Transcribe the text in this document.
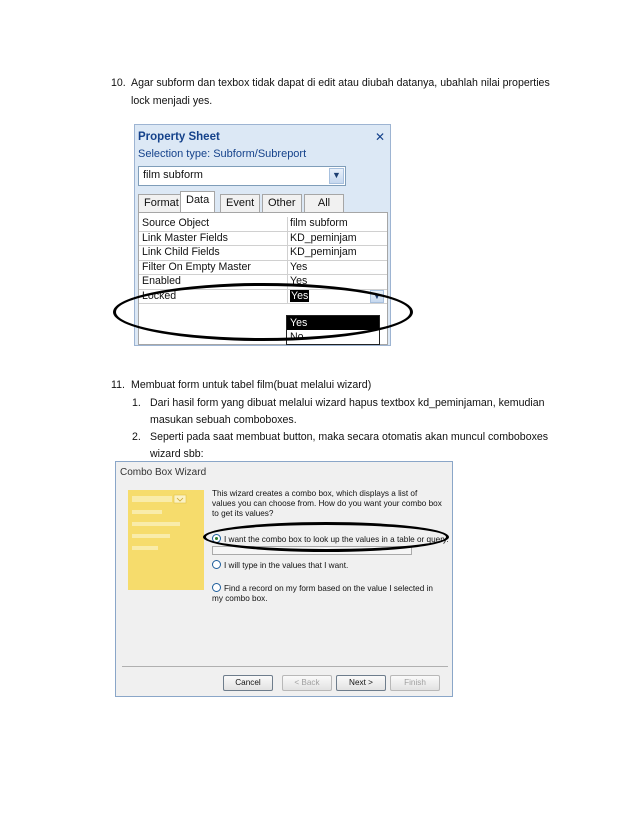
10. Agar subform dan texbox tidak dapat di edit atau diubah datanya, ubahlah nilai properties
lock menjadi yes.
Property Sheet	✕
Selection type: Subform/Subreport
film subform	▼
Format Data	Event	Other	All
Source Object	film subform
Link Master Fields	KD_peminjam
Link Child Fields	KD_peminjam
Filter On Empty Master	Yes
Enabled	Yes
Locked	Yes	▼
Yes
No
11. Membuat form untuk tabel film(buat melalui wizard)
1. Dari hasil form yang dibuat melalui wizard hapus textbox kd_peminjaman, kemudian
masukan sebuah comboboxes.
2. Seperti pada saat membuat button, maka secara otomatis akan muncul comboboxes
wizard sbb:
Combo Box Wizard
This wizard creates a combo box, which displays a list of values you can choose from. How do you want your combo box to get its values?
I want the combo box to look up the values in a table or query.
I will type in the values that I want.
Find a record on my form based on the value I selected in my combo box.
Cancel	< Back	Next >	Finish
